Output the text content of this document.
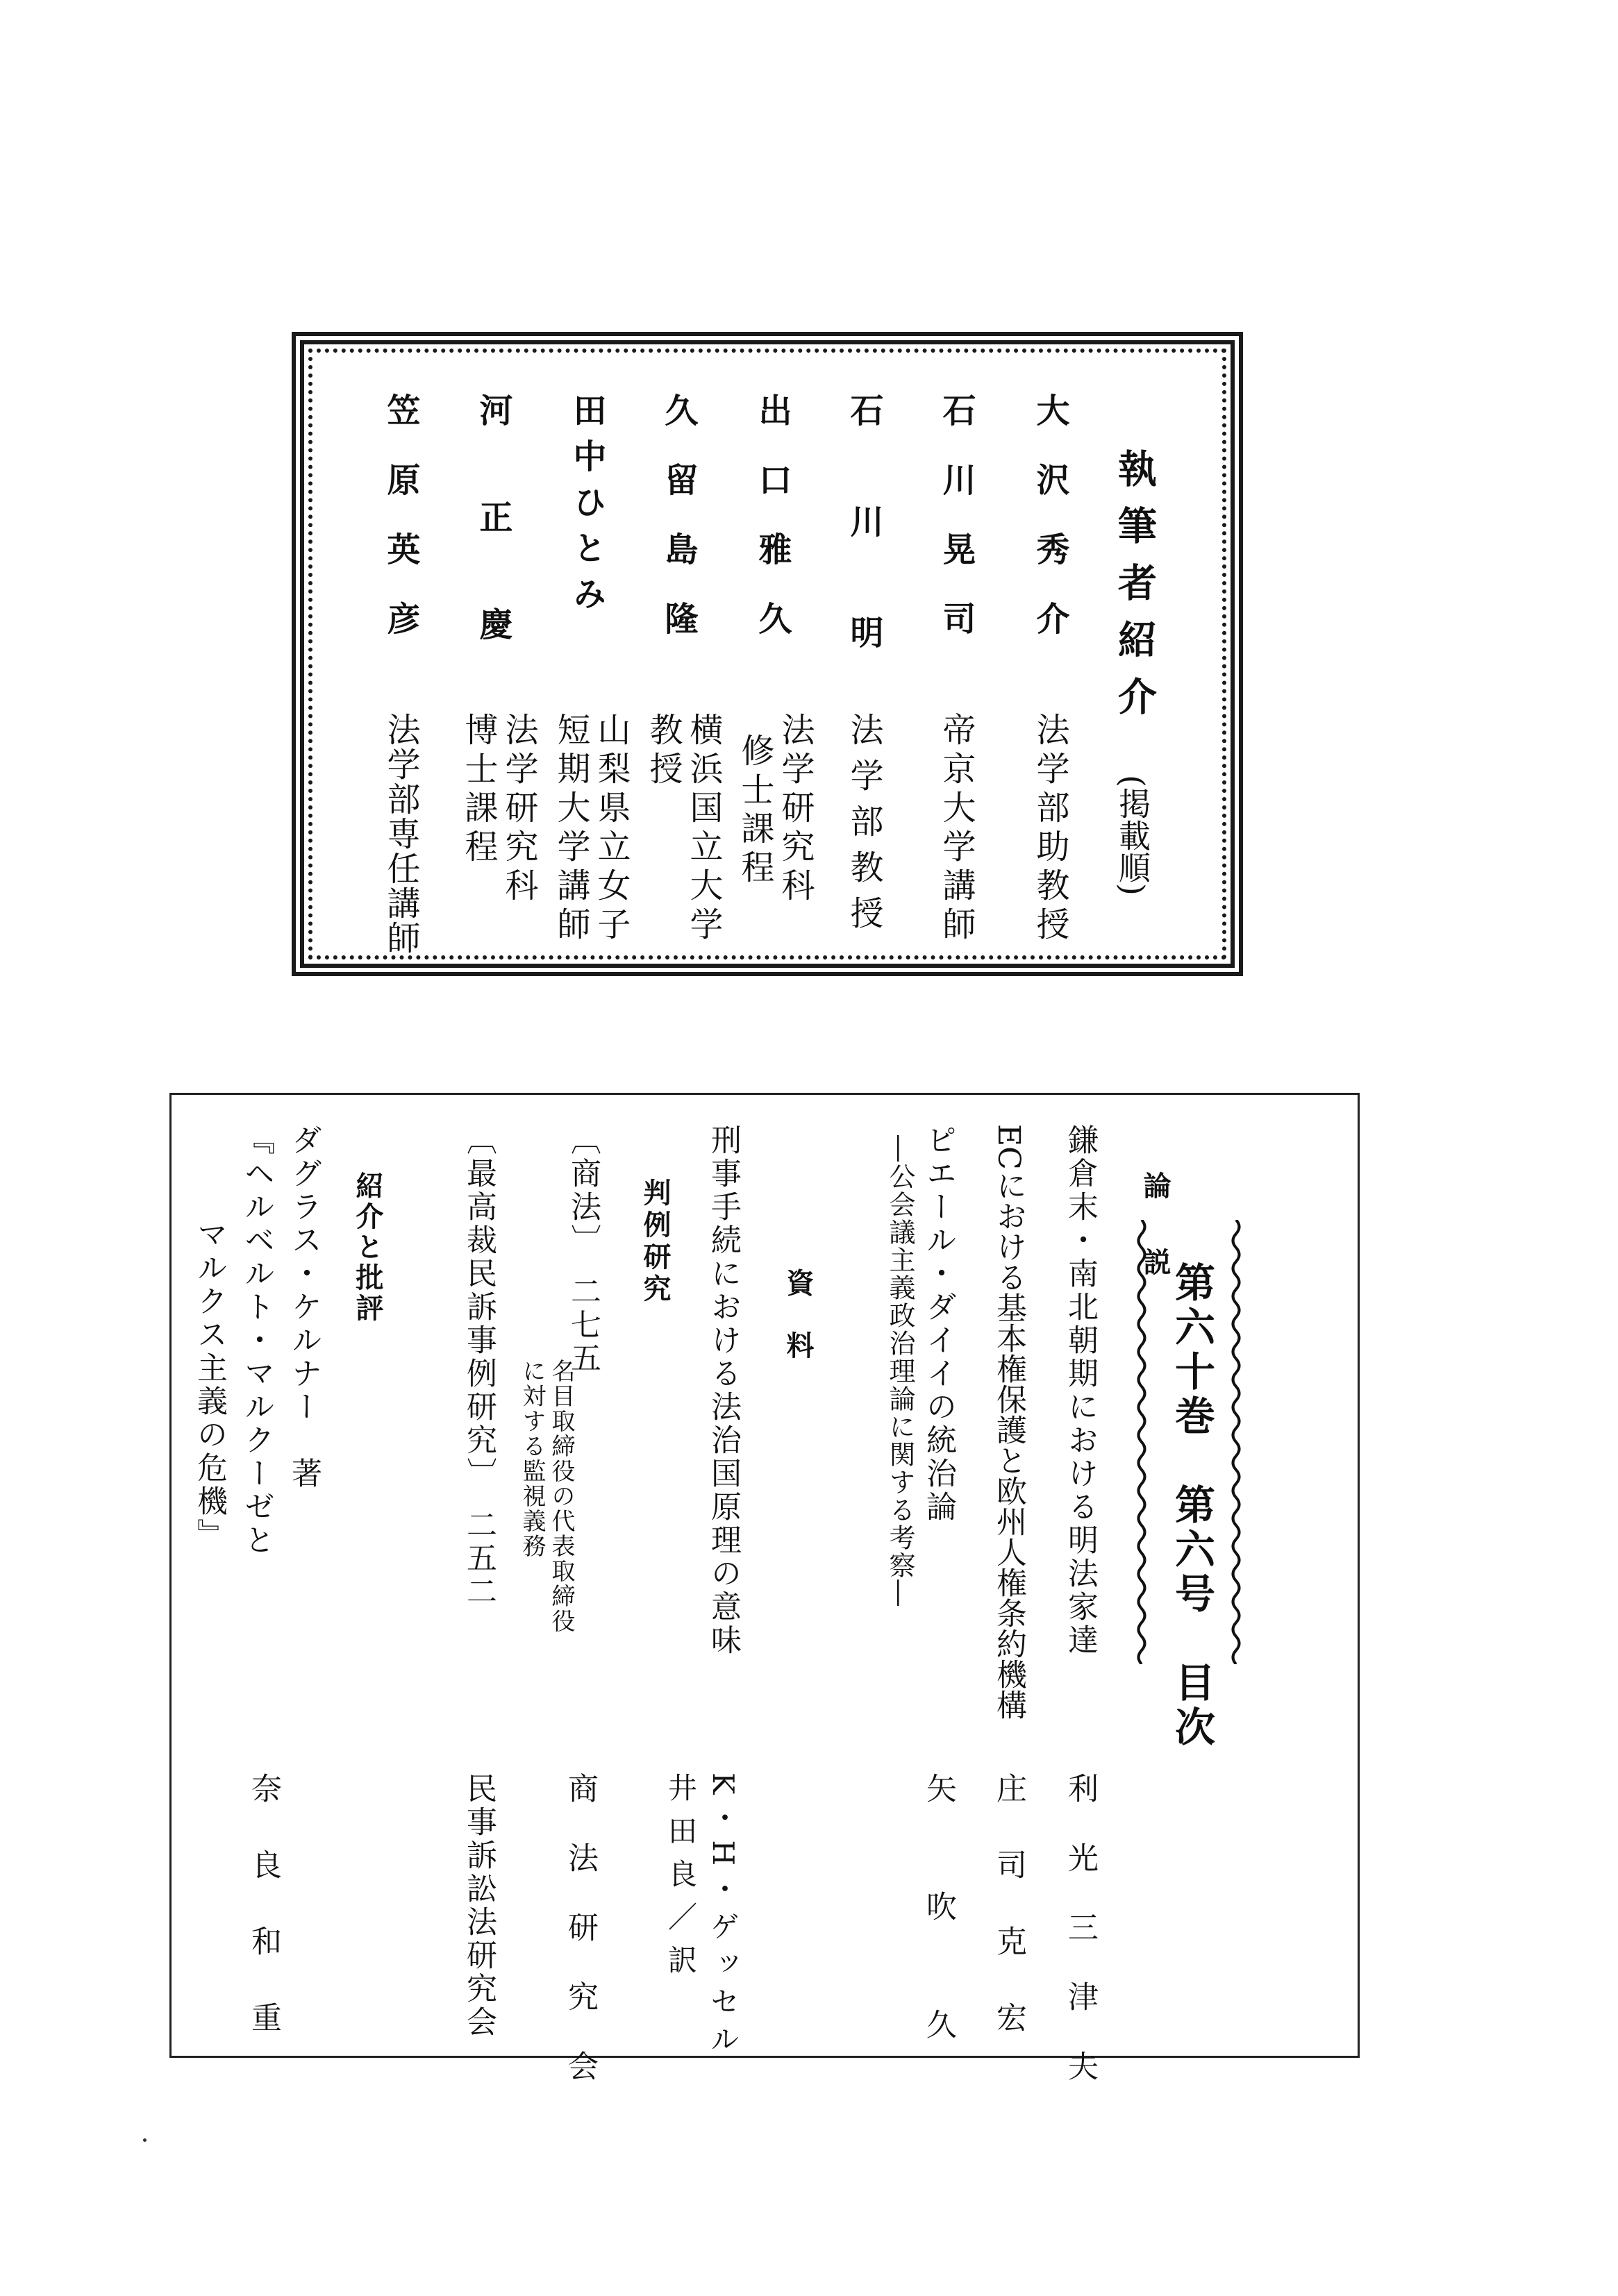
執筆者紹介
(掲載順)
大沢秀介
法学部助教授
石川晃司
帝京大学講師
石川明
法学部教授
出口雅久
法学研究科
修士課程
久留島隆
横浜国立大学
教授
田中ひとみ
山梨県立女子
短期大学講師
河正慶
法学研究科
博士課程
笠原英彦
法学部専任講師
第六十巻　第六号　目次
論説
鎌倉末・南北朝期における明法家達
利光三津夫
ECにおける基本権保護と欧州人権条約機構
庄司克宏
ピエール・ダイイの統治論
―公会議主義政治理論に関する考察―
矢吹久
資料
刑事手続における法治国原理の意味
K・H・ゲッセル
井田良／訳
判例研究
〔商法〕　二七五
名目取締役の代表取締役
に対する監視義務
商法研究会
〔最高裁民訴事例研究〕　二五二
民事訴訟法研究会
紹介と批評
ダグラス・ケルナー　著
『ヘルベルト・マルクーゼと
マルクス主義の危機』
奈良和重
